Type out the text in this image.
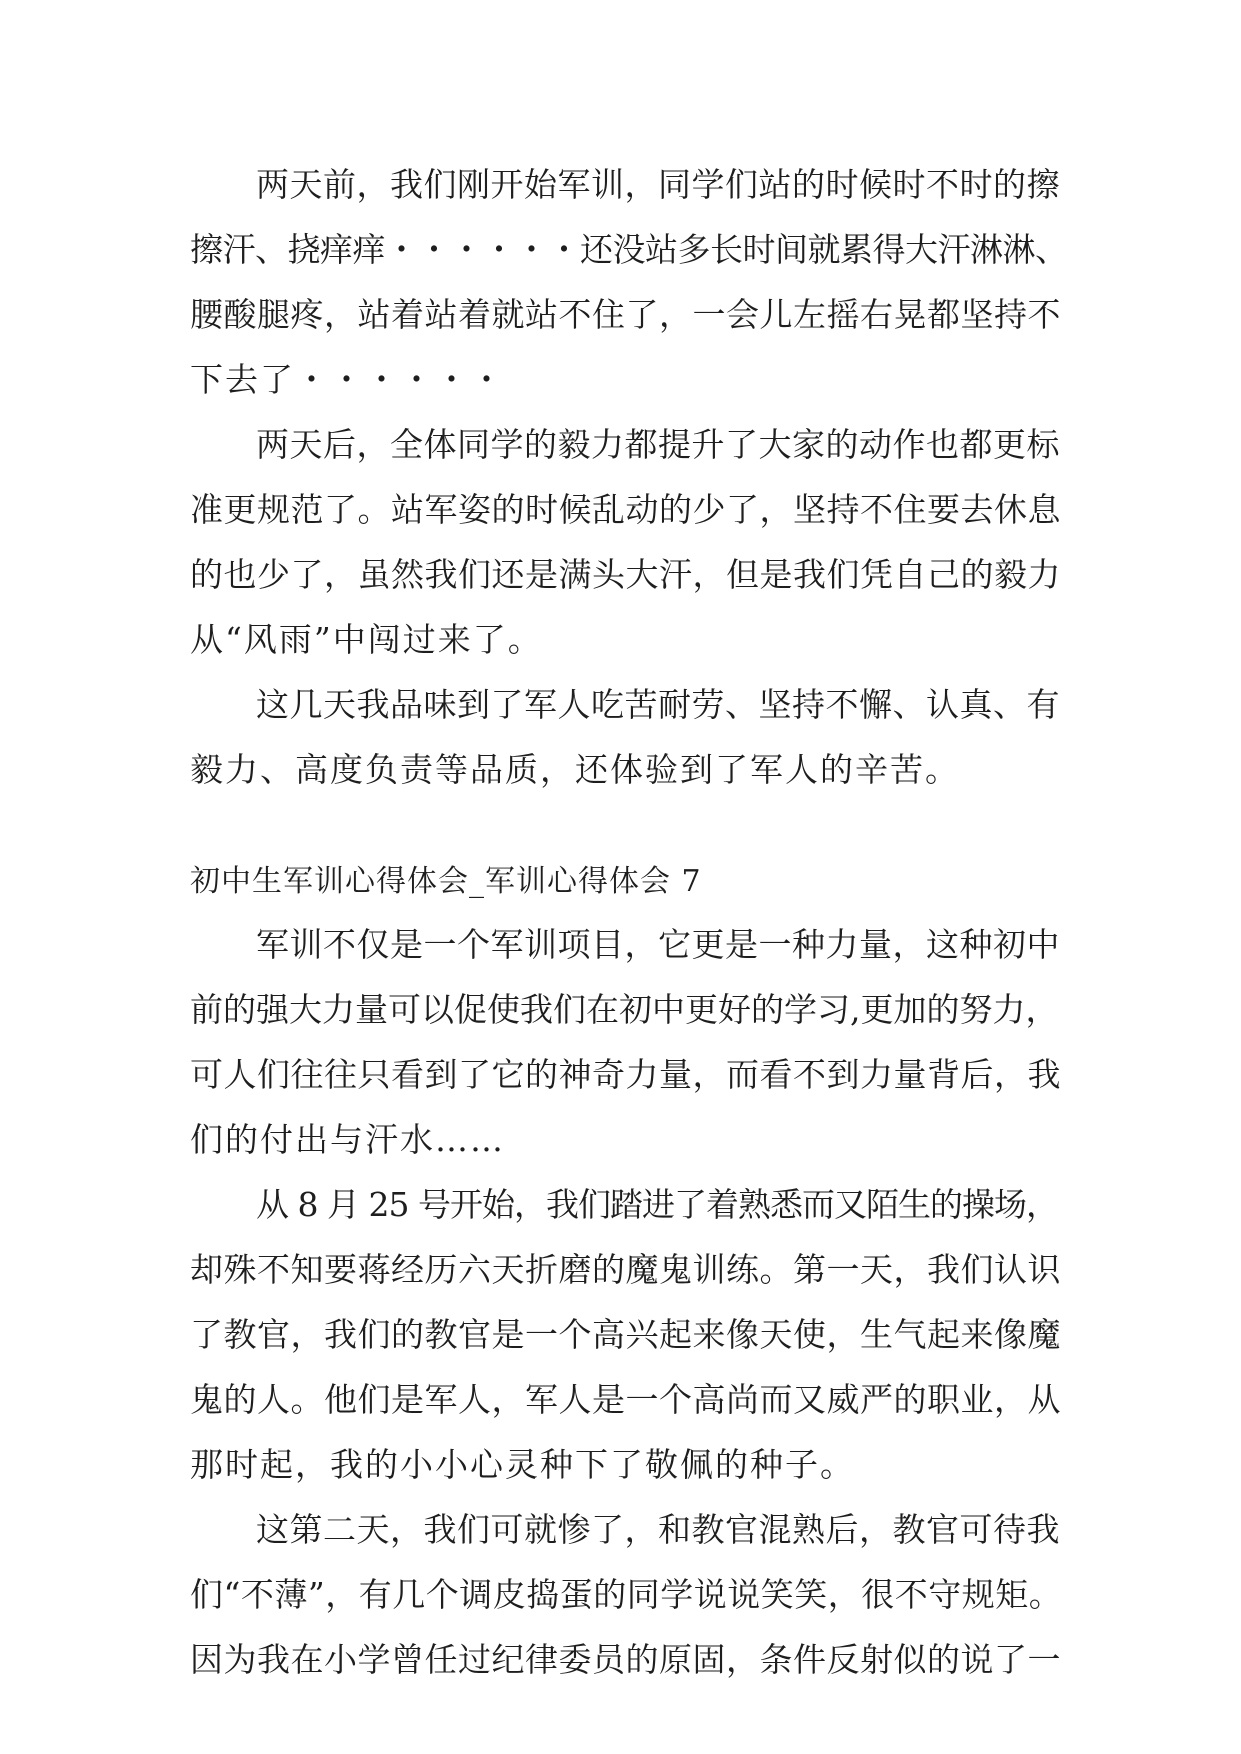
两天前，我们刚开始军训，同学们站的时候时不时的擦
擦汗、挠痒痒・・・・・・还没站多长时间就累得大汗淋淋、
腰酸腿疼，站着站着就站不住了，一会儿左摇右晃都坚持不
下去了・・・・・・
两天后，全体同学的毅力都提升了大家的动作也都更标
准更规范了。站军姿的时候乱动的少了，坚持不住要去休息
的也少了，虽然我们还是满头大汗，但是我们凭自己的毅力
从“风雨”中闯过来了。
这几天我品味到了军人吃苦耐劳、坚持不懈、认真、有
毅力、高度负责等品质，还体验到了军人的辛苦。
初中生军训心得体会_军训心得体会 7
军训不仅是一个军训项目，它更是一种力量，这种初中
前的强大力量可以促使我们在初中更好的学习,更加的努力，
可人们往往只看到了它的神奇力量，而看不到力量背后，我
们的付出与汗水……
从 8 月 25 号开始，我们踏进了着熟悉而又陌生的操场，
却殊不知要蒋经历六天折磨的魔鬼训练。第一天，我们认识
了教官，我们的教官是一个高兴起来像天使，生气起来像魔
鬼的人。他们是军人，军人是一个高尚而又威严的职业，从
那时起，我的小小心灵种下了敬佩的种子。
这第二天，我们可就惨了，和教官混熟后，教官可待我
们“不薄”，有几个调皮捣蛋的同学说说笑笑，很不守规矩。
因为我在小学曾任过纪律委员的原固，条件反射似的说了一
